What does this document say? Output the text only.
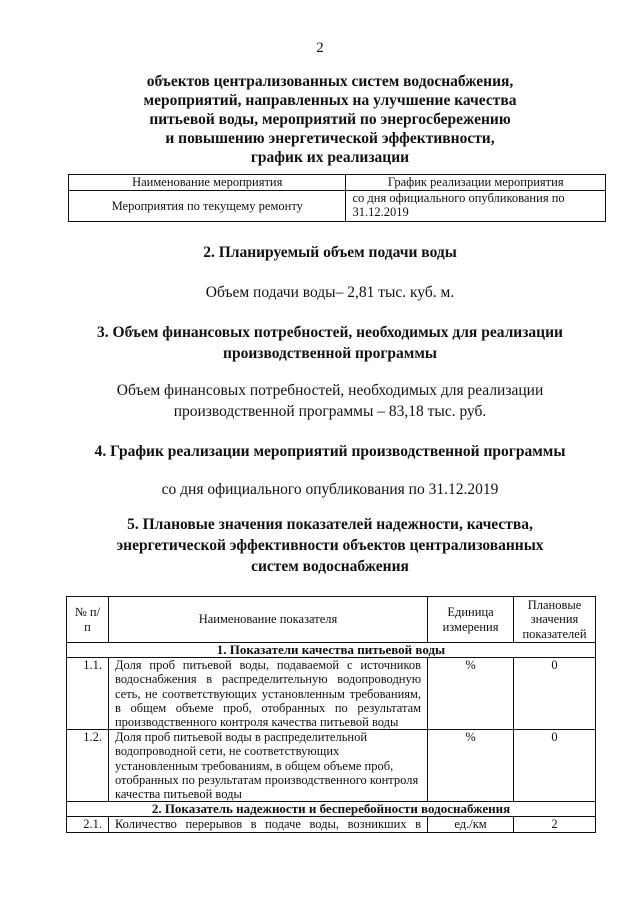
2
объектов централизованных систем водоснабжения,
мероприятий, направленных на улучшение качества
питьевой воды, мероприятий по энергосбережению
и повышению энергетической эффективности,
график их реализации
Наименование мероприятия	График реализации мероприятия
Мероприятия по текущему ремонту	со дня официального опубликования по 31.12.2019
2. Планируемый объем подачи воды
Объем подачи воды– 2,81 тыс. куб. м.
3. Объем финансовых потребностей, необходимых для реализации
производственной программы
Объем финансовых потребностей, необходимых для реализации
производственной программы – 83,18 тыс. руб.
4. График реализации мероприятий производственной программы
со дня официального опубликования по 31.12.2019
5. Плановые значения показателей надежности, качества,
энергетической эффективности объектов централизованных
систем водоснабжения
№ п/п	Наименование показателя	Единица измерения	Плановые значения показателей
1. Показатели качества питьевой воды			
1.1.	Доля проб питьевой воды, подаваемой с источников водоснабжения в распределительную водопроводную сеть, не соответствующих установленным требованиям, в общем объеме проб, отобранных по результатам производственного контроля качества питьевой воды	%	0
1.2.	Доля проб питьевой воды в распределительной водопроводной сети, не соответствующих установленным требованиям, в общем объеме проб, отобранных по результатам производственного контроля качества питьевой воды	%	0
2. Показатель надежности и бесперебойности водоснабжения			
2.1.	Количество перерывов в подаче воды, возникших в	ед./км	2
